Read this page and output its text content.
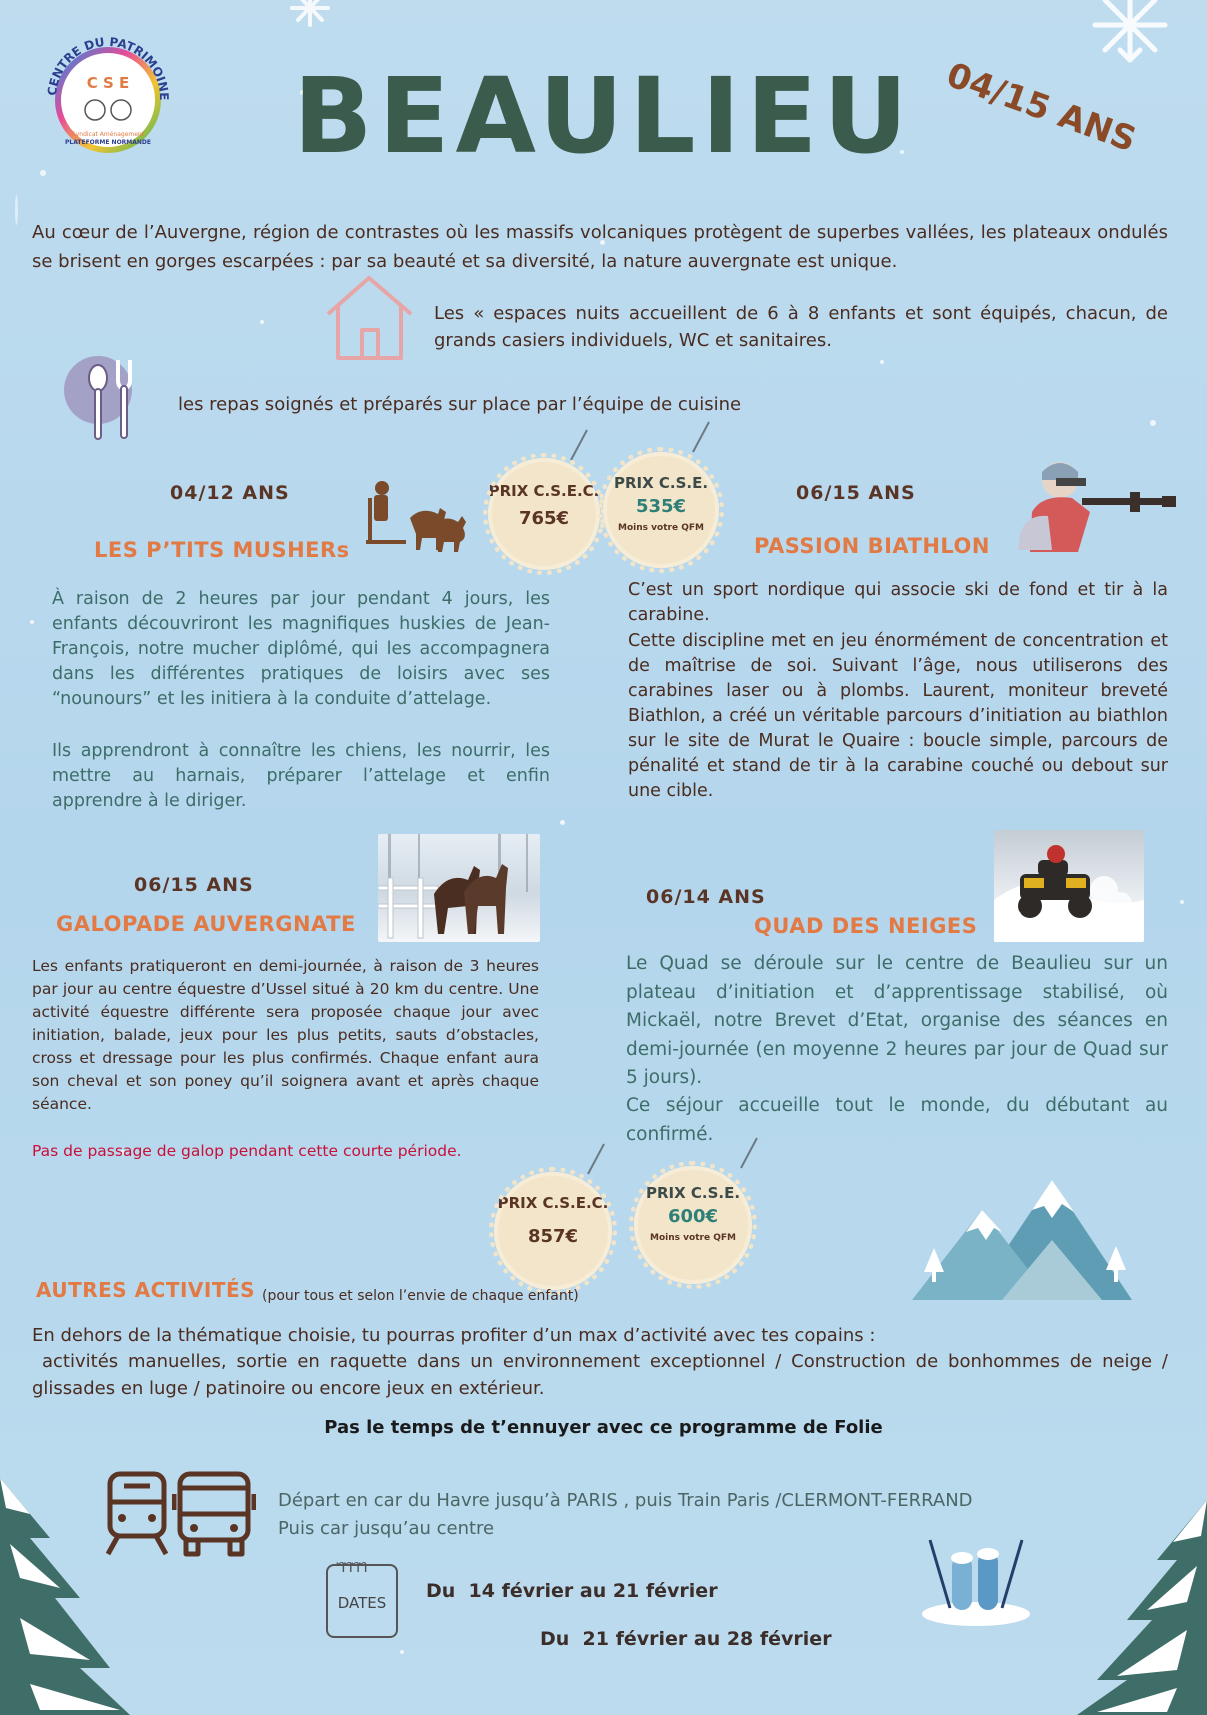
CENTRE DU PATRIMOINE
C S E
Syndicat Aménagement
PLATEFORME NORMANDE	BEAULIEU 04/15 ANS
Au cœur de l’Auvergne, région de contrastes où les massifs volcaniques protègent de superbes vallées, les plateaux ondulés se brisent en gorges escarpées : par sa beauté et sa diversité, la nature auvergnate est unique.
Les « espaces nuits accueillent de 6 à 8 enfants et sont équipés, chacun, de grands casiers individuels, WC et sanitaires.
les repas soignés et préparés sur place par l’équipe de cuisine
PRIX C.S.E.C.
765€
PRIX C.S.E.
535€
Moins votre QFM
04/12 ANS
LES P’TITS MUSHERs
À raison de 2 heures par jour pendant 4 jours, les enfants découvriront les magnifiques huskies de Jean-François, notre mucher diplômé, qui les accompagnera dans les différentes pratiques de loisirs avec ses “nounours” et les initiera à la conduite d’attelage.
Ils apprendront à connaître les chiens, les nourrir, les mettre au harnais, préparer l’attelage et enfin apprendre à le diriger.
06/15 ANS
PASSION BIATHLON
C’est un sport nordique qui associe ski de fond et tir à la carabine.
Cette discipline met en jeu énormément de concentration et de maîtrise de soi. Suivant l’âge, nous utiliserons des carabines laser ou à plombs. Laurent, moniteur breveté Biathlon, a créé un véritable parcours d’initiation au biathlon sur le site de Murat le Quaire : boucle simple, parcours de pénalité et stand de tir à la carabine couché ou debout sur une cible.
06/15 ANS
GALOPADE AUVERGNATE
Les enfants pratiqueront en demi-journée, à raison de 3 heures par jour au centre équestre d’Ussel situé à 20 km du centre. Une activité équestre différente sera proposée chaque jour avec initiation, balade, jeux pour les plus petits, sauts d’obstacles, cross et dressage pour les plus confirmés. Chaque enfant aura son cheval et son poney qu’il soignera avant et après chaque séance.
Pas de passage de galop pendant cette courte période.
06/14 ANS
QUAD DES NEIGES
Le Quad se déroule sur le centre de Beaulieu sur un plateau d’initiation et d’apprentissage stabilisé, où Mickaël, notre Brevet d’Etat, organise des séances en demi-journée (en moyenne 2 heures par jour de Quad sur 5 jours).
Ce séjour accueille tout le monde, du débutant au confirmé.
PRIX C.S.E.C.
857€
PRIX C.S.E.
600€
Moins votre QFM
AUTRES ACTIVITÉS (pour tous et selon l’envie de chaque enfant)
En dehors de la thématique choisie, tu pourras profiter d’un max d’activité avec tes copains :
activités manuelles, sortie en raquette dans un environnement exceptionnel / Construction de bonhommes de neige / glissades en luge / patinoire ou encore jeux en extérieur.
Pas le temps de t’ennuyer avec ce programme de Folie
Départ en car du Havre jusqu’à PARIS , puis Train Paris /CLERMONT-FERRAND
Puis car jusqu’au centre
ᥐᥐᥐᥐ
DATES
Du  14 février au 21 février
Du  21 février au 28 février
